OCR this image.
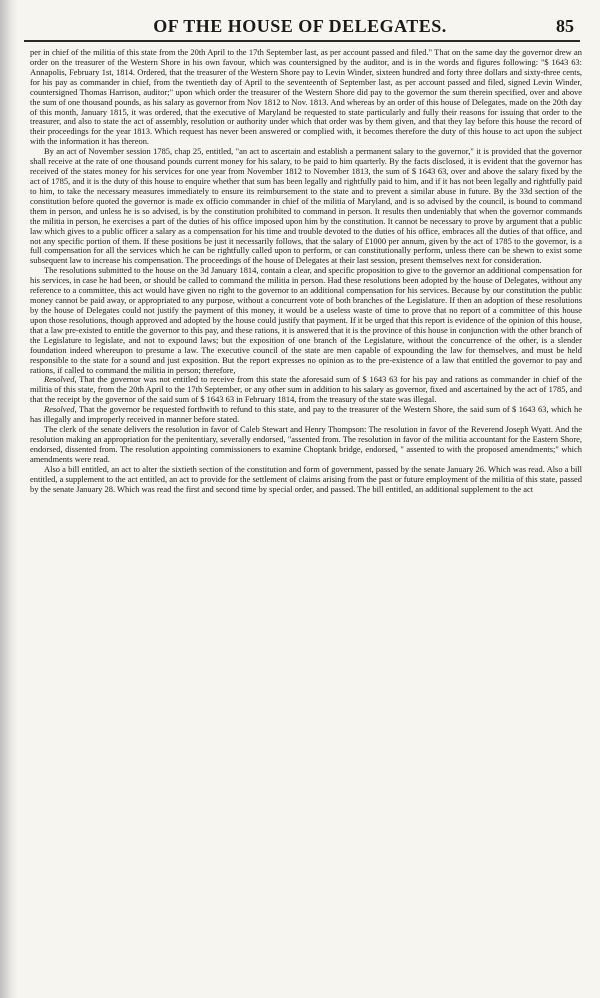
OF THE HOUSE OF DELEGATES.	85

per in chief of the militia of this state from the 20th April to the 17th September last, as per account passed and filed." That on the same day the governor drew an order on the treasurer of the Western Shore in his own favour, which was countersigned by the auditor, and is in the words and figures following: "$ 1643 63: Annapolis, February 1st, 1814. Ordered, that the treasurer of the Western Shore pay to Levin Winder, sixteen hundred and forty three dollars and sixty-three cents, for his pay as commander in chief, from the twentieth day of April to the seventeenth of September last, as per account passed and filed, signed Levin Winder, countersigned Thomas Harrison, auditor;" upon which order the treasurer of the Western Shore did pay to the governor the sum therein specified, over and above the sum of one thousand pounds, as his salary as governor from Nov 1812 to Nov. 1813. And whereas by an order of this house of Delegates, made on the 20th day of this month, January 1815, it was ordered, that the executive of Maryland be requested to state particularly and fully their reasons for issuing that order to the treasurer, and also to state the act of assembly, resolution or authority under which that order was by them given, and that they lay before this house the record of their proceedings for the year 1813. Which request has never been answered or complied with, it becomes therefore the duty of this house to act upon the subject with the information it has thereon.

By an act of November session 1785, chap 25, entitled, "an act to ascertain and establish a permanent salary to the governor," it is provided that the governor shall receive at the rate of one thousand pounds current money for his salary, to be paid to him quarterly. By the facts disclosed, it is evident that the governor has received of the states money for his services for one year from November 1812 to November 1813, the sum of $ 1643 63, over and above the salary fixed by the act of 1785, and it is the duty of this house to enquire whether that sum has been legally and rightfully paid to him, and if it has not been legally and rightfully paid to him, to take the necessary measures immediately to ensure its reimbursement to the state and to prevent a similar abuse in future. By the 33d section of the constitution before quoted the governor is made ex officio commander in chief of the militia of Maryland, and is so advised by the council, is bound to command them in person, and unless he is so advised, is by the constitution prohibited to command in person. It results then undeniably that when the governor commands the militia in person, he exercises a part of the duties of his office imposed upon him by the constitution. It cannot be necessary to prove by argument that a public law which gives to a public officer a salary as a compensation for his time and trouble devoted to the duties of his office, embraces all the duties of that office, and not any specific portion of them. If these positions be just it necessarily follows, that the salary of £1000 per annum, given by the act of 1785 to the governor, is a full compensation for all the services which he can be rightfully called upon to perform, or can constitutionally perform, unless there can be shewn to exist some subsequent law to increase his compensation. The proceedings of the house of Delegates at their last session, present themselves next for consideration.

The resolutions submitted to the house on the 3d January 1814, contain a clear, and specific proposition to give to the governor an additional compensation for his services, in case he had been, or should be called to command the militia in person. Had these resolutions been adopted by the house of Delegates, without any reference to a committee, this act would have given no right to the governor to an additional compensation for his services. Because by our constitution the public money cannot be paid away, or appropriated to any purpose, without a concurrent vote of both branches of the Legislature. If then an adoption of these resolutions by the house of Delegates could not justify the payment of this money, it would be a useless waste of time to prove that no report of a committee of this house upon those resolutions, though approved and adopted by the house could justify that payment. If it be urged that this report is evidence of the opinion of this house, that a law pre-existed to entitle the governor to this pay, and these rations, it is answered that it is the province of this house in conjunction with the other branch of the Legislature to legislate, and not to expound laws; but the exposition of one branch of the Legislature, without the concurrence of the other, is a slender foundation indeed whereupon to presume a law. The executive council of the state are men capable of expounding the law for themselves, and must be held responsible to the state for a sound and just exposition. But the report expresses no opinion as to the pre-existence of a law that entitled the governor to pay and rations, if called to command the militia in person; therefore,

Resolved, That the governor was not entitled to receive from this state the aforesaid sum of $ 1643 63 for his pay and rations as commander in chief of the militia of this state, from the 20th April to the 17th September, or any other sum in addition to his salary as governor, fixed and ascertained by the act of 1785, and that the receipt by the governor of the said sum of $ 1643 63 in February 1814, from the treasury of the state was illegal.

Resolved, That the governor be requested forthwith to refund to this state, and pay to the treasurer of the Western Shore, the said sum of $ 1643 63, which he has illegally and improperly received in manner before stated.

The clerk of the senate delivers the resolution in favor of Caleb Stewart and Henry Thompson: The resolution in favor of the Reverend Joseph Wyatt. And the resolution making an appropriation for the penitentiary, severally endorsed, "assented from. The resolution in favor of the militia accountant for the Eastern Shore, endorsed, dissented from. The resolution appointing commissioners to examine Choptank bridge, endorsed, " assented to with the proposed amendments;" which amendments were read.

Also a bill entitled, an act to alter the sixtieth section of the constitution and form of government, passed by the senate January 26. Which was read. Also a bill entitled, a supplement to the act entitled, an act to provide for the settlement of claims arising from the past or future employment of the militia of this state, passed by the senate January 28. Which was read the first and second time by special order, and passed. The bill entitled, an additional supplement to the act
